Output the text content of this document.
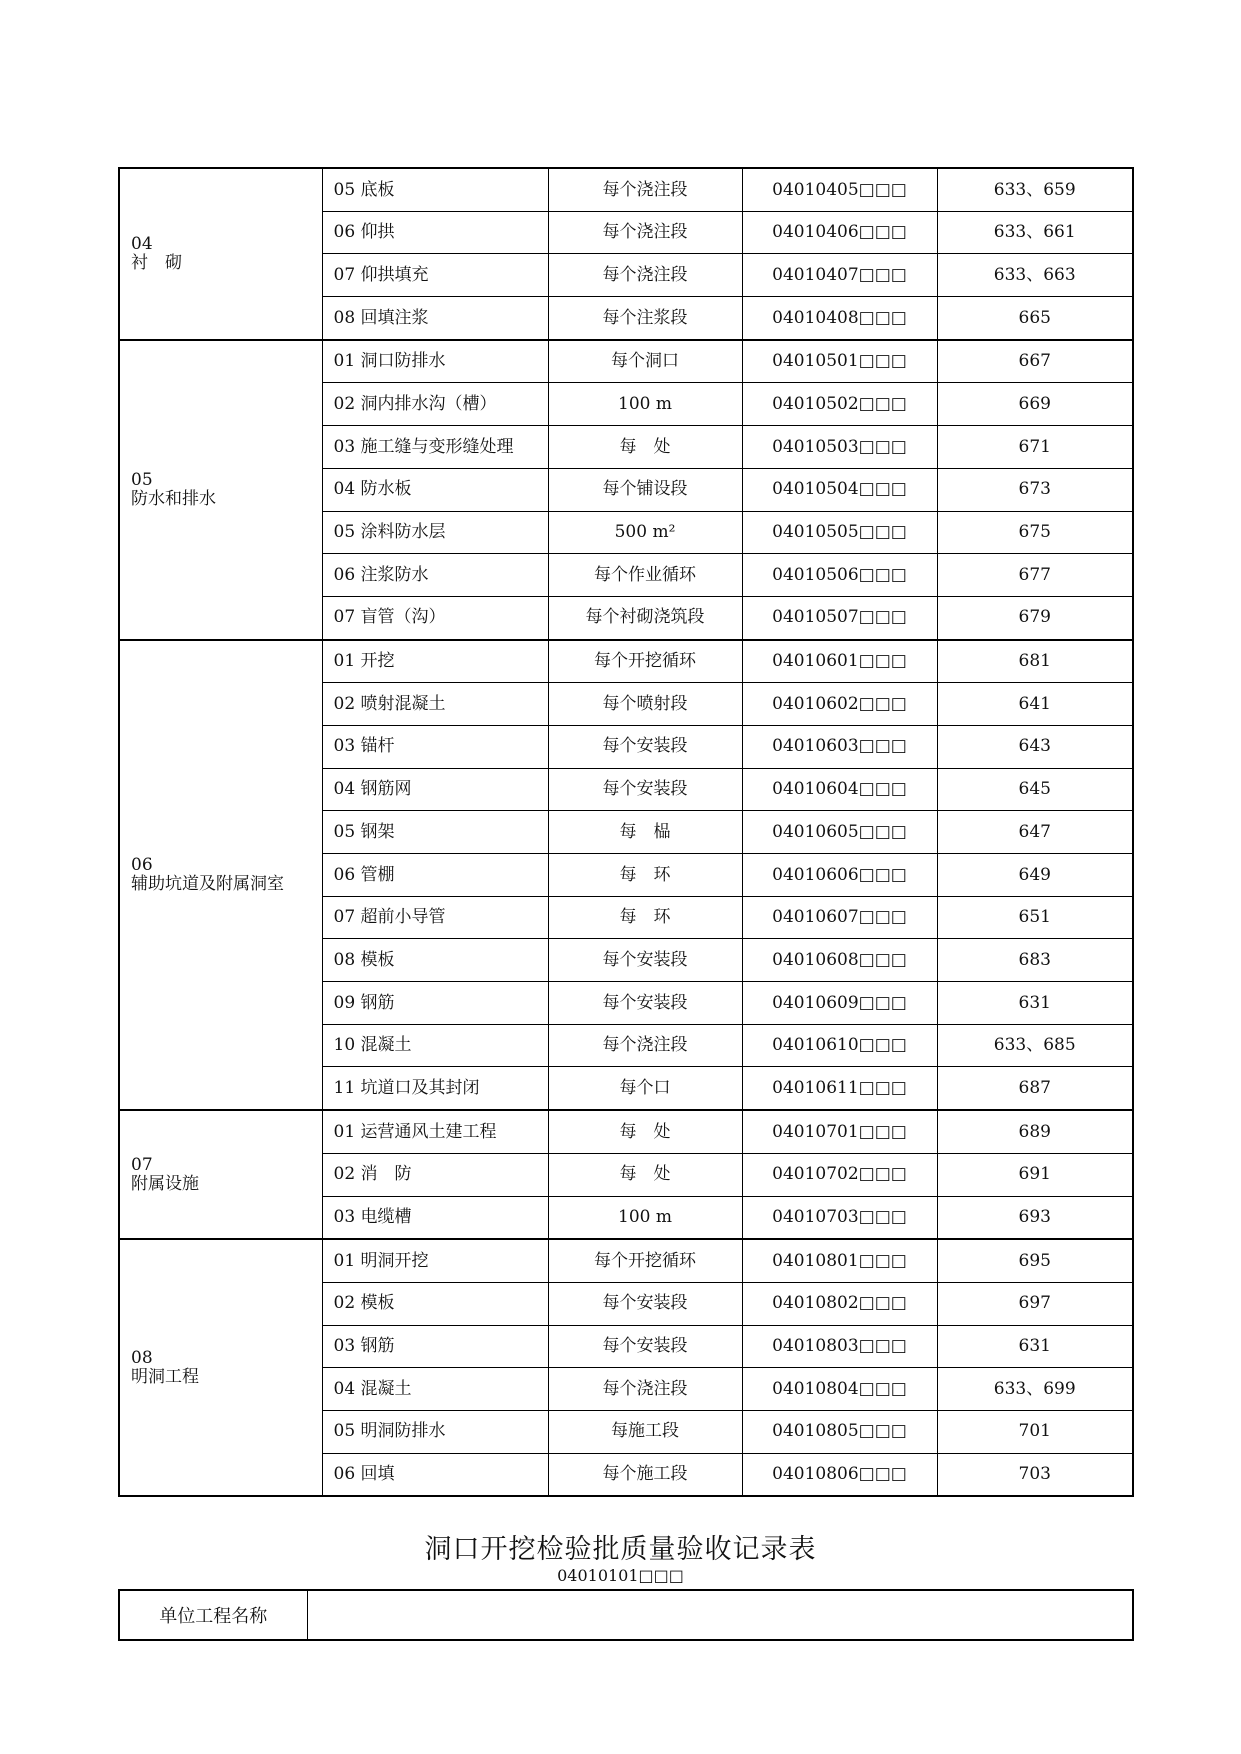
04
衬　砌	05 底板	每个浇注段	04010405□□□	633、659
	06 仰拱	每个浇注段	04010406□□□	633、661
	07 仰拱填充	每个浇注段	04010407□□□	633、663
	08 回填注浆	每个注浆段	04010408□□□	665

05
防水和排水	01 洞口防排水	每个洞口	04010501□□□	667
	02 洞内排水沟（槽）	100 m	04010502□□□	669
	03 施工缝与变形缝处理	每　处	04010503□□□	671
	04 防水板	每个铺设段	04010504□□□	673
	05 涂料防水层	500 m²	04010505□□□	675
	06 注浆防水	每个作业循环	04010506□□□	677
	07 盲管（沟）	每个衬砌浇筑段	04010507□□□	679

06
辅助坑道及附属洞室	01 开挖	每个开挖循环	04010601□□□	681
	02 喷射混凝土	每个喷射段	04010602□□□	641
	03 锚杆	每个安装段	04010603□□□	643
	04 钢筋网	每个安装段	04010604□□□	645
	05 钢架	每　榀	04010605□□□	647
	06 管棚	每　环	04010606□□□	649
	07 超前小导管	每　环	04010607□□□	651
	08 模板	每个安装段	04010608□□□	683
	09 钢筋	每个安装段	04010609□□□	631
	10 混凝土	每个浇注段	04010610□□□	633、685
	11 坑道口及其封闭	每个口	04010611□□□	687

07
附属设施	01 运营通风土建工程	每　处	04010701□□□	689
	02 消　防	每　处	04010702□□□	691
	03 电缆槽	100 m	04010703□□□	693

08
明洞工程	01 明洞开挖	每个开挖循环	04010801□□□	695
	02 模板	每个安装段	04010802□□□	697
	03 钢筋	每个安装段	04010803□□□	631
	04 混凝土	每个浇注段	04010804□□□	633、699
	05 明洞防排水	每施工段	04010805□□□	701
	06 回填	每个施工段	04010806□□□	703
洞口开挖检验批质量验收记录表
04010101□□□
单位工程名称	
